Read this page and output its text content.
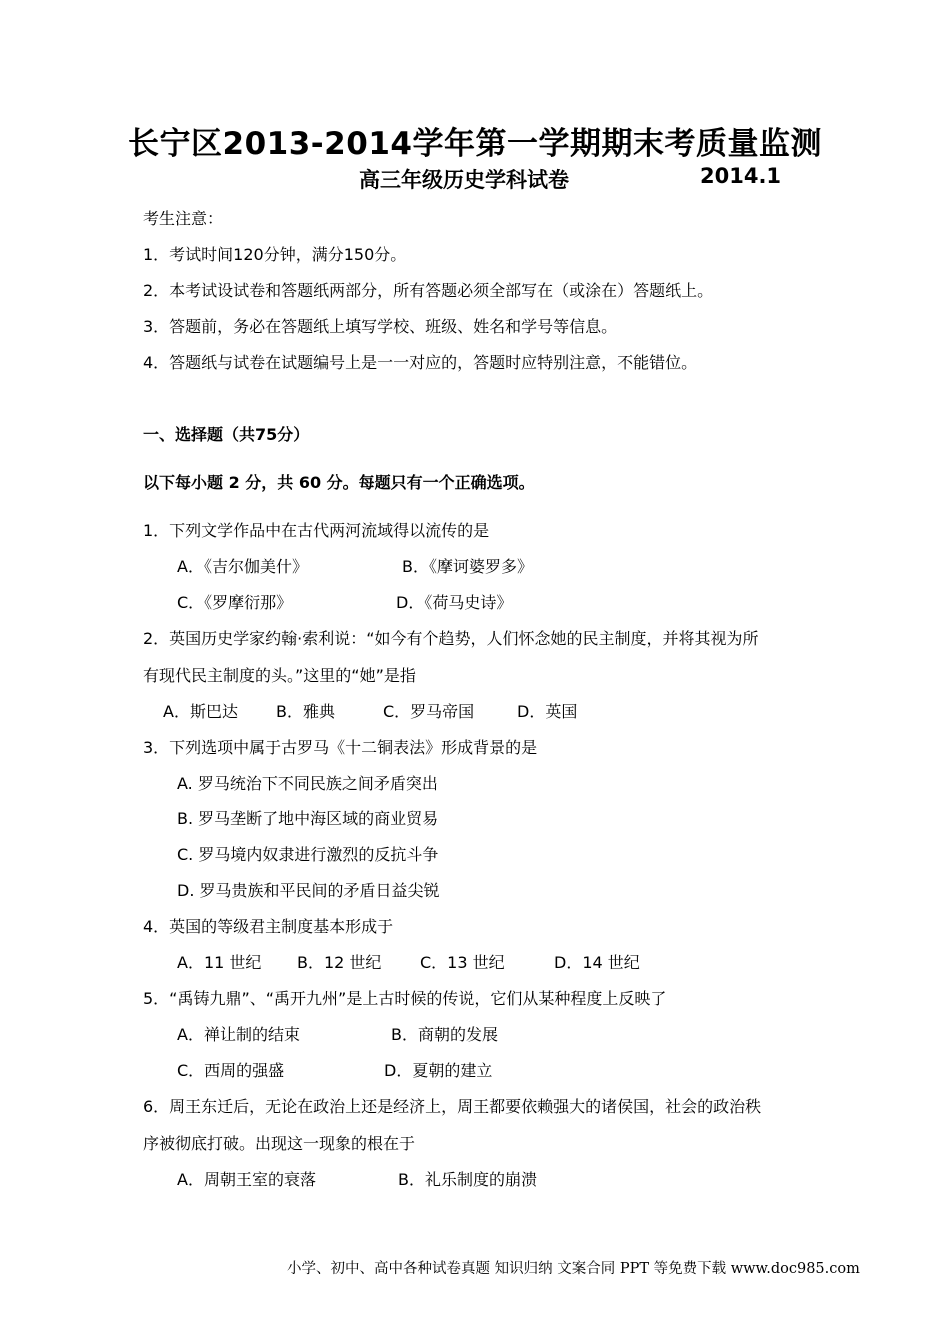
长宁区2013-2014学年第一学期期末考质量监测
高三年级历史学科试卷	2014.1
考生注意：
1．考试时间120分钟，满分150分。
2．本考试设试卷和答题纸两部分，所有答题必须全部写在（或涂在）答题纸上。
3．答题前，务必在答题纸上填写学校、班级、姓名和学号等信息。
4．答题纸与试卷在试题编号上是一一对应的，答题时应特别注意，不能错位。
一、选择题（共75分）
以下每小题 2 分，共 60 分。每题只有一个正确选项。
1．下列文学作品中在古代两河流域得以流传的是
A．《吉尔伽美什》	B．《摩诃婆罗多》
C．《罗摩衍那》	D．《荷马史诗》
2．英国历史学家约翰·索利说：“如今有个趋势，人们怀念她的民主制度，并将其视为所
有现代民主制度的头。”这里的“她”是指
A．斯巴达 B．雅典	C．罗马帝国	D．英国
3．下列选项中属于古罗马《十二铜表法》形成背景的是
A. 罗马统治下不同民族之间矛盾突出
B. 罗马垄断了地中海区域的商业贸易
C. 罗马境内奴隶进行激烈的反抗斗争
D. 罗马贵族和平民间的矛盾日益尖锐
4．英国的等级君主制度基本形成于
A．11 世纪 B．12 世纪 C．13 世纪	D．14 世纪
5．“禹铸九鼎”、“禹开九州”是上古时候的传说，它们从某种程度上反映了
A．禅让制的结束	B．商朝的发展
C．西周的强盛	D．夏朝的建立
6．周王东迁后，无论在政治上还是经济上，周王都要依赖强大的诸侯国，社会的政治秩
序被彻底打破。出现这一现象的根在于
A．周朝王室的衰落	B．礼乐制度的崩溃
小学、初中、高中各种试卷真题 知识归纳 文案合同 PPT 等免费下载 www.doc985.com
